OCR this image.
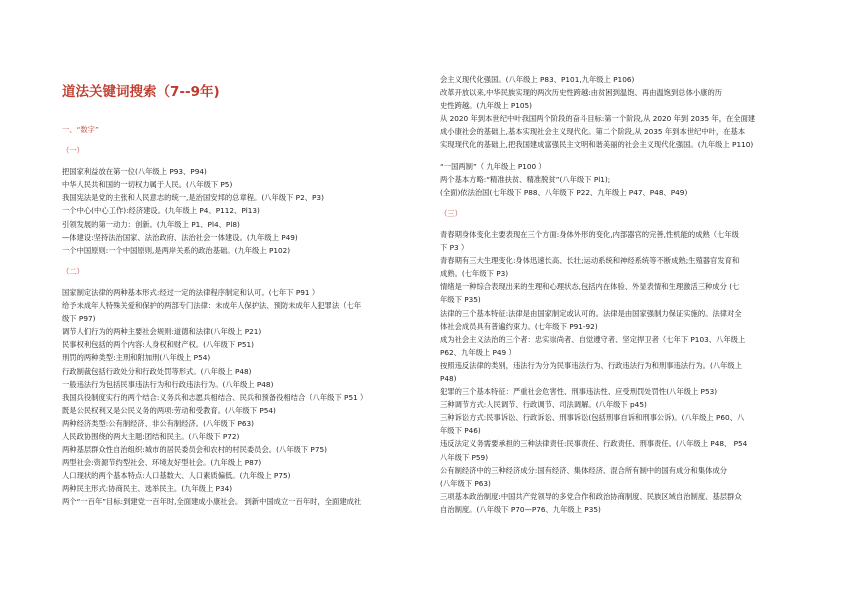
道法关键词搜索（7--9年)
一、“数字”
（一）
把国家利益放在第一位(八年级上 P93、P94)
中华人民共和国的一切权力属于人民。(八年级下 P5)
我国宪法是党的主张和人民意志的统一,是治国安邦的总章程。(八年级下 P2、P3)
一个中心(中心工作):经济建设。(九年级上 P4、P112、Pl13)
引领发展的第一动力：创新。(九年级上 P1、Pl4、Pl8)
—体建设:坚持法治国家、法治政府、法治社会一体建设。(九年级上 P49)
一个中国原则:一个中国原则,是两岸关系的政治基础。(九年级上 P102)
（二）
国家制定法律的两种基本形式:经过一定的法律程序制定和认可。(七年下 P91 ）
给予未成年人特殊关爱和保护的两部专门法律：未成年人保护法、预防未成年人犯罪法（七年
级下 P97)
调节人们行为的两种主要社会规则:道德和法律(八年级上 P21)
民事权利包括的两个内容:人身权和财产权。(八年级下 P51)
刑罚的两种类型:主刑和附加刑(八年级上 P54)
行政制裁包括行政处分和行政处罚等形式。(八年级上 P48)
一般违法行为包括民事违法行为和行政违法行为。(八年级上 P48)
我国兵役制度实行的两个结合:义务兵和志愿兵相结合、民兵和预备役相结合（八年级下 P51 ）
既是公民权利又是公民义务的两项:劳动和受教育。(八年级下 P54)
两种经济类型:公有制经济、非公有制经济。(八年级下 P63)
人民政协围绕的两大主题:团结和民主。(八年级下 P72)
两种基层群众性自治组织:城市的居民委员会和农村的村民委员会。(八年级下 P75)
两型社会:资源节约型社会、环境友好型社会。(九年级上 P87)
人口现状的两个基本特点:人口基数大、人口素质偏低。(九年级上 P75)
两种民主形式:协商民主、选举民主。(九年级上 P34)
两个“一百年”目标:到建党一百年时,全面建成小康社会。 到新中国成立一百年时，全面建成社
会主义现代化强国。(八年级上 P83、P101,九年级上 P106)
改革开放以来,中华民族实现的两次历史性跨越:由贫困到温饱、再由温饱到总体小康的历
史性跨越。(九年级上 P105)
从 2020 年到本世纪中叶我国两个阶段的奋斗目标:第一个阶段,从 2020 年到 2035 年，在全面建
成小康社会的基础上,基本实现社会主义现代化。第二个阶段,从 2035 年到本世纪中叶，在基本
实现现代化的基础上,把我国建成富强民主文明和谐美丽的社会主义现代化强国。(九年级上 P110)
“一国两制”（ 九年级上 P100 ）
两个基本方略:“精准扶贫、精准脱贫”(八年级下 Pl1);
(全面)依法治国(七年级下 P88、八年级下 P22、九年级上 P47、P48、P49)
（三）
青春期身体变化主要表现在三个方面:身体外形的变化,内部器官的完善,性机能的成熟（七年级
下 P3 ）
青春期有三大生理变化:身体迅速长高、长壮;运动系统和神经系统等不断成熟;生殖器官发育和
成熟。(七年级下 P3)
情绪是一种综合表现出来的生理和心理状态,包括内在体验、外显表情和生理激活三种成分 (七
年级下 P35)
法律的三个基本特征:法律是由国家制定或认可的。法律是由国家强制力保证实施的。法律对全
体社会成员具有普遍约束力。(七年级下 P91-92)
成为社会主义法治的三个者：忠实崇尚者、自觉遵守者、坚定捍卫者（七年下 P103、八年级上
P62、九年级上 P49 ）
按照违反法律的类别，违法行为分为民事违法行为、行政违法行为和刑事违法行为。(八年级上
P48)
犯罪的三个基本特征：严重社会危害性、刑事违法性、应受刑罚处罚性(八年级上 P53)
三种调节方式:人民调节、行政调节、司法调解。(八年级下 p45)
三种诉讼方式:民事诉讼、行政诉讼、刑事诉讼(包括刑事自诉和刑事公诉)。(八年级上 P60、八
年级下 P46)
违反法定义务需要承担的三种法律责任:民事责任、行政责任、刑事责任。(八年级上 P48、 P54
八年级下 P59)
公有制经济中的三种经济成分:国有经济、集体经济、混合所有制中的国有成分和集体成分
(八年级下 P63)
三项基本政治制度:中国共产党领导的多党合作和政治协商制度、民族区域自治制度、基层群众
自治制度。(八年级下 P70—P76、九年级上 P35)
